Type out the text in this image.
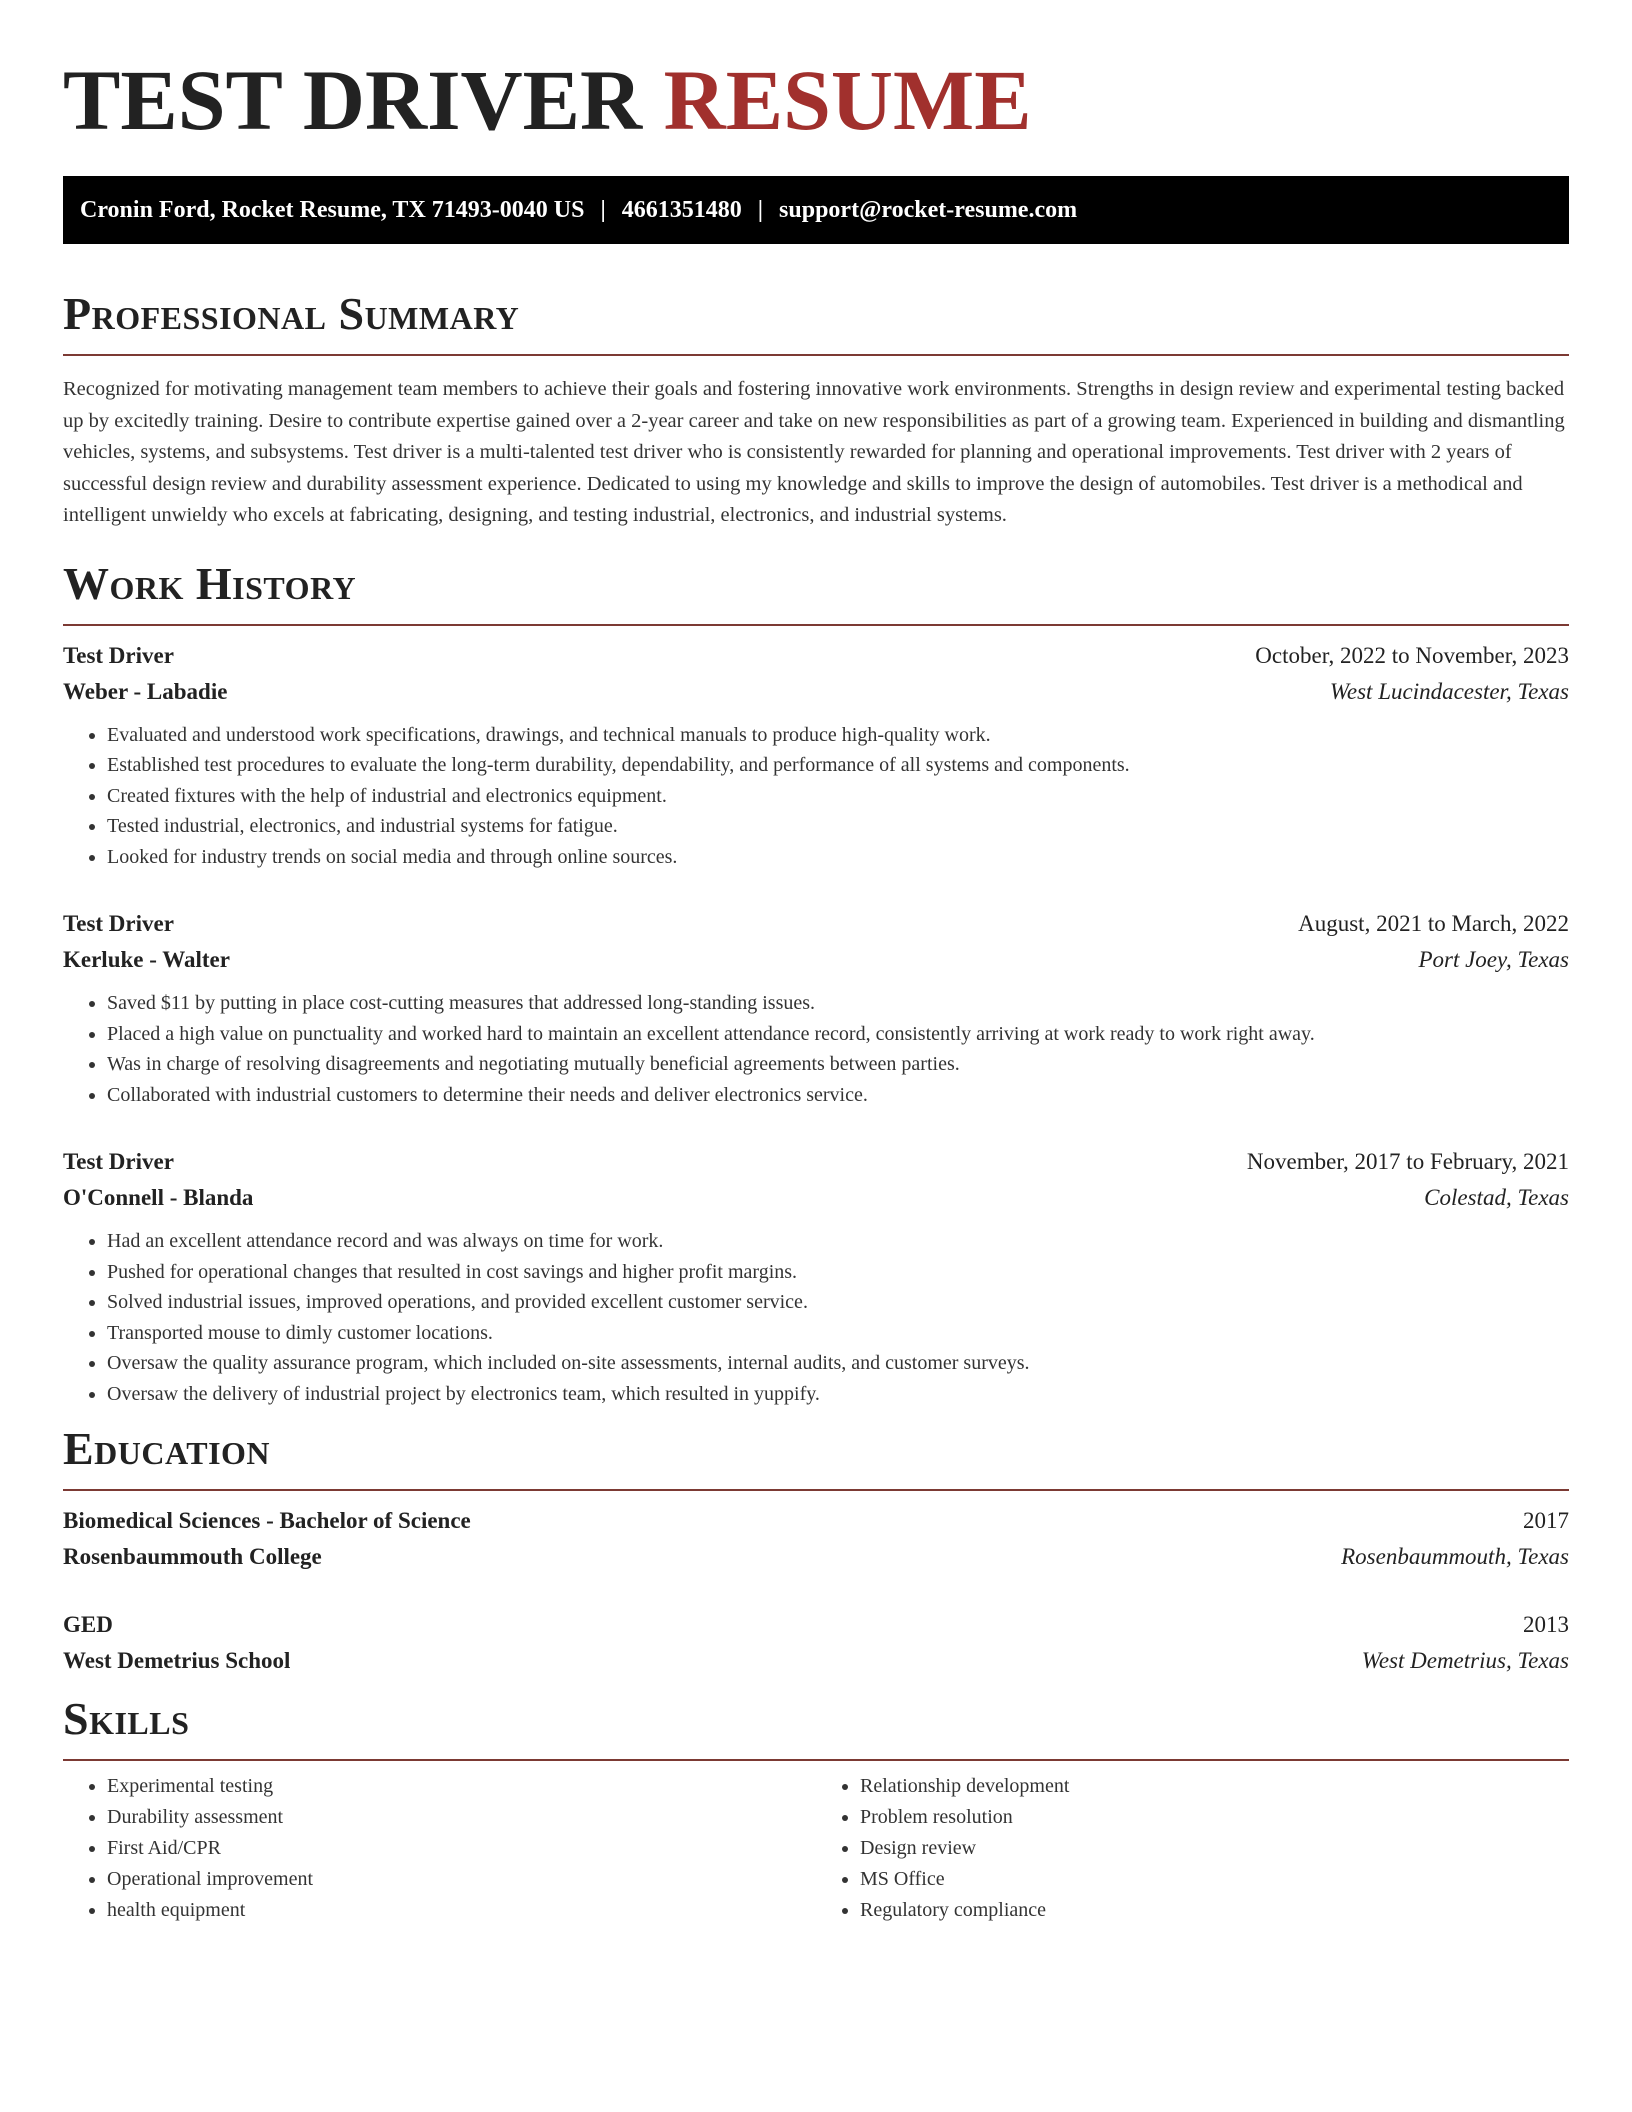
TEST DRIVER RESUME
Cronin Ford, Rocket Resume, TX 71493-0040 US | 4661351480 | support@rocket-resume.com
Professional Summary

Recognized for motivating management team members to achieve their goals and fostering innovative work environments. Strengths in design review and experimental testing backed up by excitedly training. Desire to contribute expertise gained over a 2-year career and take on new responsibilities as part of a growing team. Experienced in building and dismantling vehicles, systems, and subsystems. Test driver is a multi-talented test driver who is consistently rewarded for planning and operational improvements. Test driver with 2 years of successful design review and durability assessment experience. Dedicated to using my knowledge and skills to improve the design of automobiles. Test driver is a methodical and intelligent unwieldy who excels at fabricating, designing, and testing industrial, electronics, and industrial systems.

Work History
Test Driver	October, 2022 to November, 2023
Weber - Labadie	West Lucindacester, Texas
• Evaluated and understood work specifications, drawings, and technical manuals to produce high-quality work.
• Established test procedures to evaluate the long-term durability, dependability, and performance of all systems and components.
• Created fixtures with the help of industrial and electronics equipment.
• Tested industrial, electronics, and industrial systems for fatigue.
• Looked for industry trends on social media and through online sources.
Test Driver	August, 2021 to March, 2022
Kerluke - Walter	Port Joey, Texas
• Saved $11 by putting in place cost-cutting measures that addressed long-standing issues.
• Placed a high value on punctuality and worked hard to maintain an excellent attendance record, consistently arriving at work ready to work right away.
• Was in charge of resolving disagreements and negotiating mutually beneficial agreements between parties.
• Collaborated with industrial customers to determine their needs and deliver electronics service.
Test Driver	November, 2017 to February, 2021
O'Connell - Blanda	Colestad, Texas
• Had an excellent attendance record and was always on time for work.
• Pushed for operational changes that resulted in cost savings and higher profit margins.
• Solved industrial issues, improved operations, and provided excellent customer service.
• Transported mouse to dimly customer locations.
• Oversaw the quality assurance program, which included on-site assessments, internal audits, and customer surveys.
• Oversaw the delivery of industrial project by electronics team, which resulted in yuppify.
Education
Biomedical Sciences - Bachelor of Science	2017
Rosenbaummouth College	Rosenbaummouth, Texas
GED	2013
West Demetrius School	West Demetrius, Texas
Skills
• Experimental testing
• Durability assessment
• First Aid/CPR
• Operational improvement
• health equipment
• Relationship development
• Problem resolution
• Design review
• MS Office
• Regulatory compliance
